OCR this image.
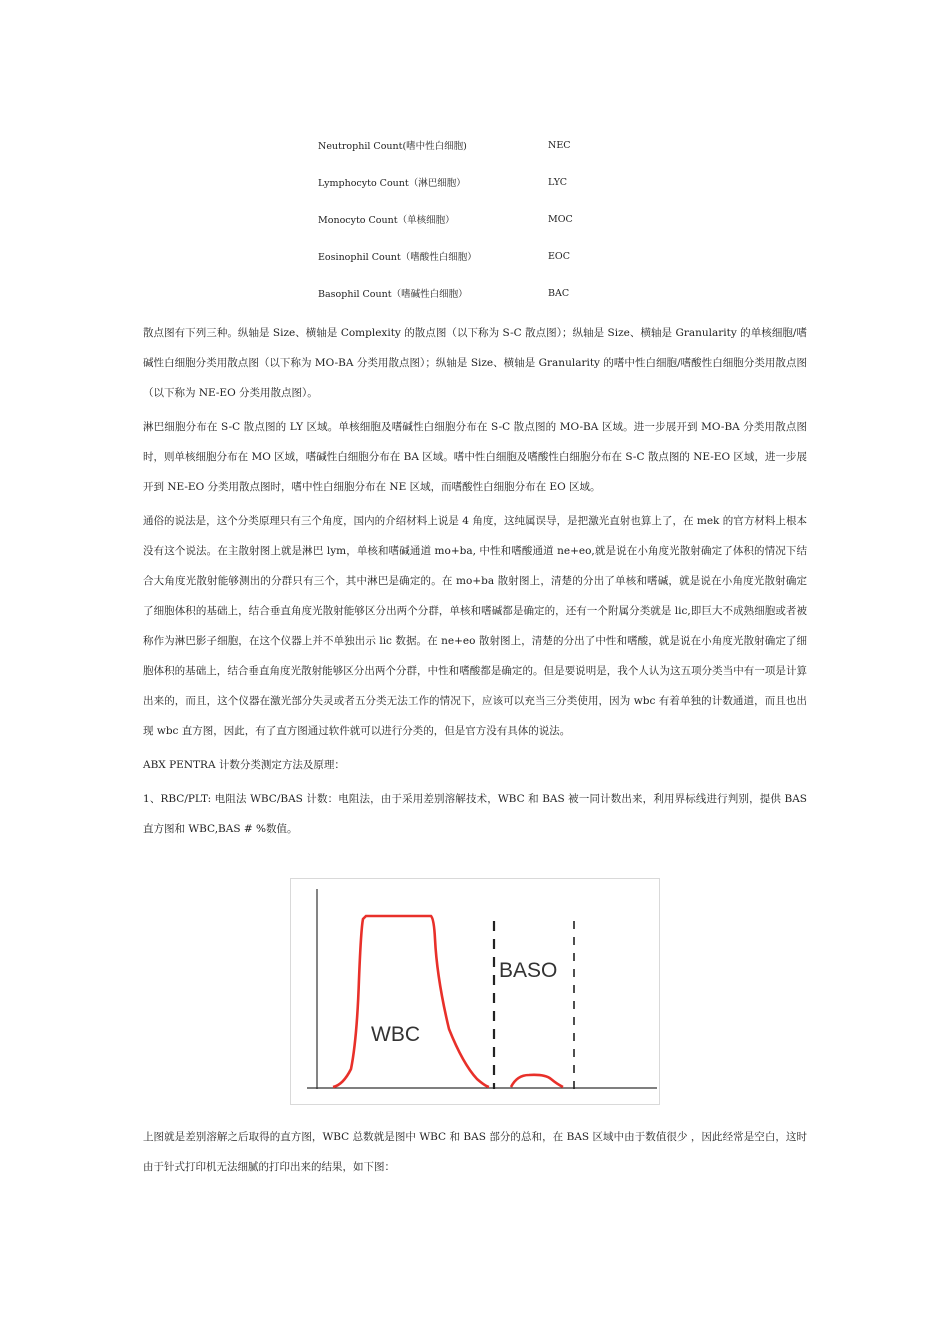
Neutrophil Count(嗜中性白细胞)	NEC
Lymphocyto Count（淋巴细胞）	LYC
Monocyto Count（单核细胞）	MOC
Eosinophil Count（嗜酸性白细胞）	EOC
Basophil Count（嗜碱性白细胞）	BAC

散点图有下列三种。纵轴是 Size、横轴是 Complexity 的散点图（以下称为 S-C 散点图）；纵轴是 Size、横轴是 Granularity 的单核细胞/嗜碱性白细胞分类用散点图（以下称为 MO-BA 分类用散点图）；纵轴是 Size、横轴是 Granularity 的嗜中性白细胞/嗜酸性白细胞分类用散点图（以下称为 NE-EO 分类用散点图）。

淋巴细胞分布在 S-C 散点图的 LY 区域。单核细胞及嗜碱性白细胞分布在 S-C 散点图的 MO-BA 区域。进一步展开到 MO-BA 分类用散点图时，则单核细胞分布在 MO 区域，嗜碱性白细胞分布在 BA 区域。嗜中性白细胞及嗜酸性白细胞分布在 S-C 散点图的 NE-EO 区域，进一步展开到 NE-EO 分类用散点图时，嗜中性白细胞分布在 NE 区域，而嗜酸性白细胞分布在 EO 区域。

通俗的说法是，这个分类原理只有三个角度，国内的介绍材料上说是 4 角度，这纯属误导，是把激光直射也算上了，在 mek 的官方材料上根本没有这个说法。在主散射图上就是淋巴 lym，单核和嗜碱通道 mo+ba, 中性和嗜酸通道 ne+eo,就是说在小角度光散射确定了体积的情况下结合大角度光散射能够测出的分群只有三个，其中淋巴是确定的。在 mo+ba 散射图上，清楚的分出了单核和嗜碱，就是说在小角度光散射确定了细胞体积的基础上，结合垂直角度光散射能够区分出两个分群，单核和嗜碱都是确定的，还有一个附属分类就是 lic,即巨大不成熟细胞或者被称作为淋巴影子细胞，在这个仪器上并不单独出示 lic 数据。在 ne+eo 散射图上，清楚的分出了中性和嗜酸，就是说在小角度光散射确定了细胞体积的基础上，结合垂直角度光散射能够区分出两个分群，中性和嗜酸都是确定的。但是要说明是，我个人认为这五项分类当中有一项是计算出来的，而且，这个仪器在激光部分失灵或者五分类无法工作的情况下，应该可以充当三分类使用，因为 wbc 有着单独的计数通道，而且也出现 wbc 直方图，因此，有了直方图通过软件就可以进行分类的，但是官方没有具体的说法。

ABX PENTRA 计数分类测定方法及原理：

1、RBC/PLT: 电阻法 WBC/BAS 计数：电阻法，由于采用差别溶解技术，WBC 和 BAS 被一同计数出来，利用界标线进行判别，提供 BAS 直方图和 WBC,BAS # %数值。

WBC
BASO

上图就是差别溶解之后取得的直方图，WBC 总数就是图中 WBC 和 BAS 部分的总和，在 BAS 区域中由于数值很少 ，因此经常是空白，这时由于针式打印机无法细腻的打印出来的结果，如下图：
